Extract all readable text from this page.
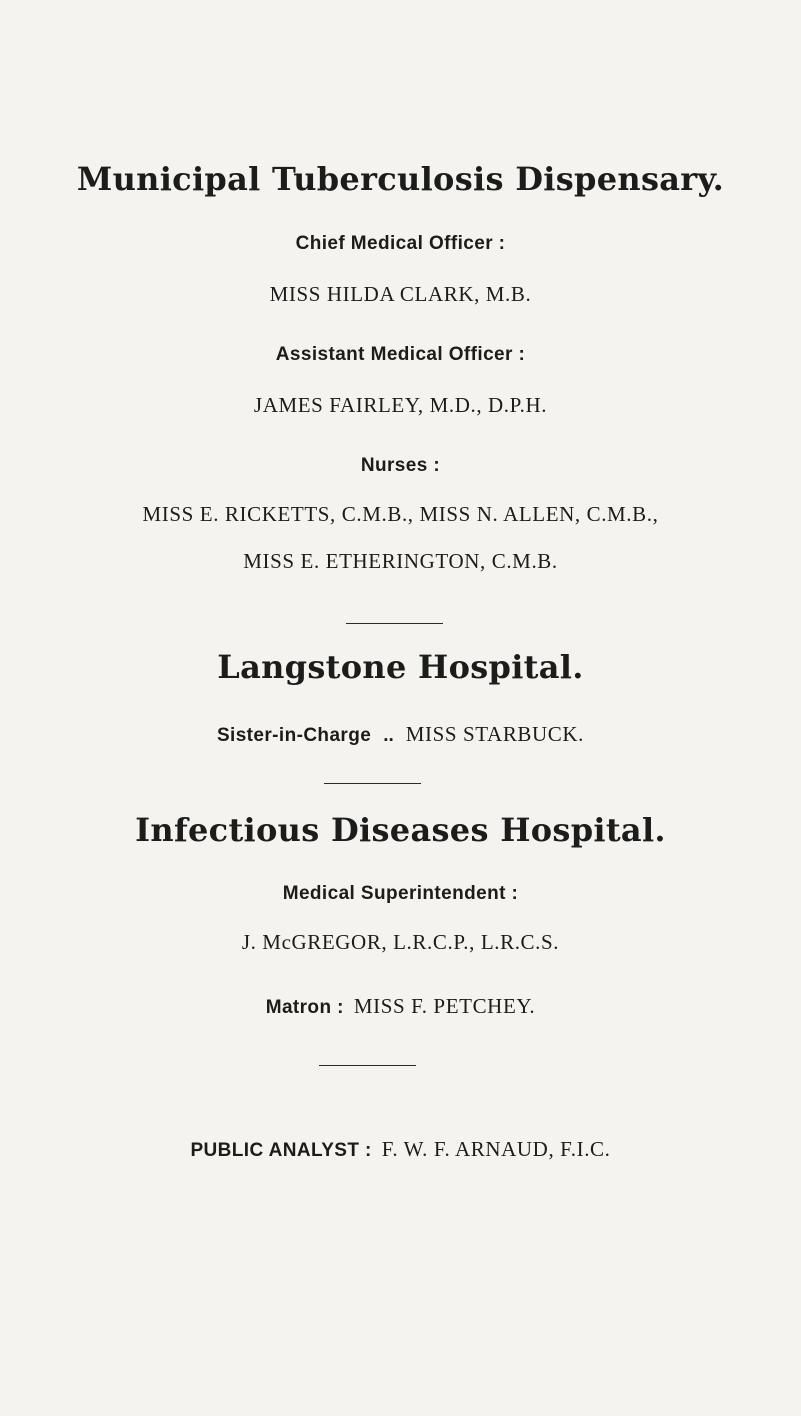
Municipal Tuberculosis Dispensary.
Chief Medical Officer :
MISS HILDA CLARK, M.B.
Assistant Medical Officer :
JAMES FAIRLEY, M.D., D.P.H.
Nurses :
MISS E. RICKETTS, C.M.B., MISS N. ALLEN, C.M.B.,
MISS E. ETHERINGTON, C.M.B.
Langstone Hospital.
Sister-in-Charge .. MISS STARBUCK.
Infectious Diseases Hospital.
Medical Superintendent :
J. McGREGOR, L.R.C.P., L.R.C.S.
Matron : MISS F. PETCHEY.
PUBLIC ANALYST : F. W. F. ARNAUD, F.I.C.
